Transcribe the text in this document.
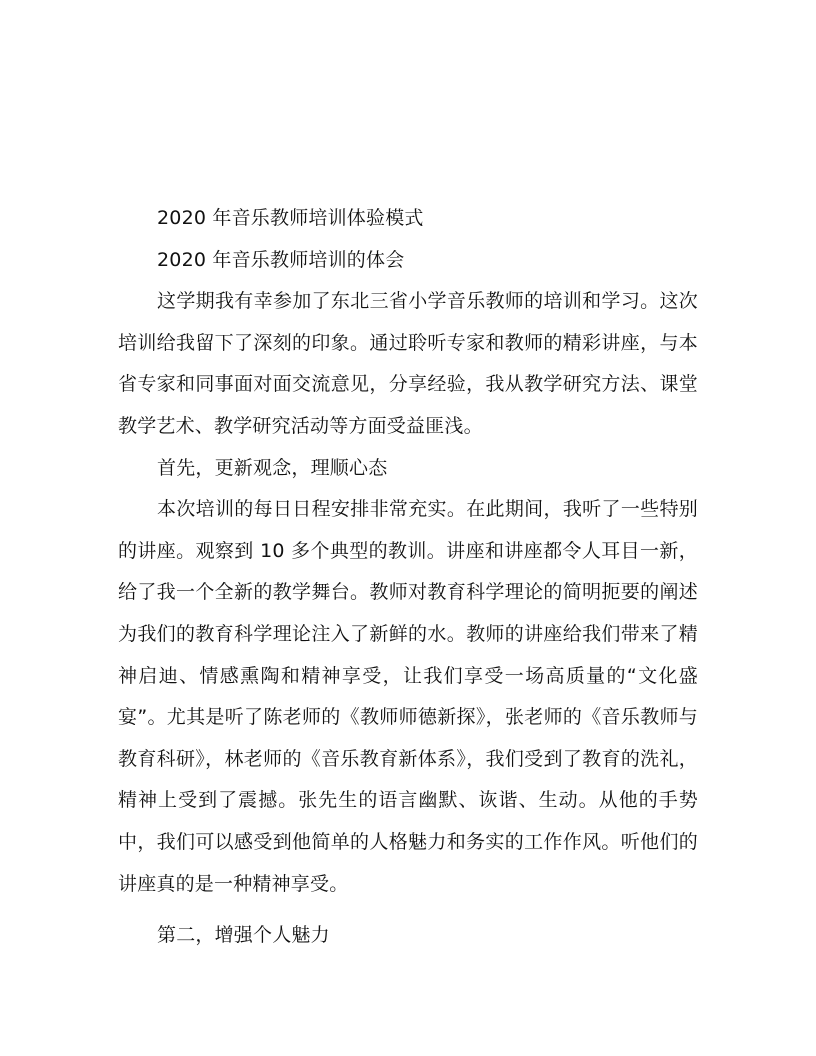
2020 年音乐教师培训体验模式

2020 年音乐教师培训的体会

这学期我有幸参加了东北三省小学音乐教师的培训和学习。这次培训给我留下了深刻的印象。通过聆听专家和教师的精彩讲座，与本省专家和同事面对面交流意见，分享经验，我从教学研究方法、课堂教学艺术、教学研究活动等方面受益匪浅。

首先，更新观念，理顺心态

本次培训的每日日程安排非常充实。在此期间，我听了一些特别的讲座。观察到 10 多个典型的教训。讲座和讲座都令人耳目一新，给了我一个全新的教学舞台。教师对教育科学理论的简明扼要的阐述为我们的教育科学理论注入了新鲜的水。教师的讲座给我们带来了精神启迪、情感熏陶和精神享受，让我们享受一场高质量的“文化盛宴”。尤其是听了陈老师的《教师师德新探》，张老师的《音乐教师与教育科研》，林老师的《音乐教育新体系》，我们受到了教育的洗礼，精神上受到了震撼。张先生的语言幽默、诙谐、生动。从他的手势中，我们可以感受到他简单的人格魅力和务实的工作作风。听他们的讲座真的是一种精神享受。

第二，增强个人魅力
